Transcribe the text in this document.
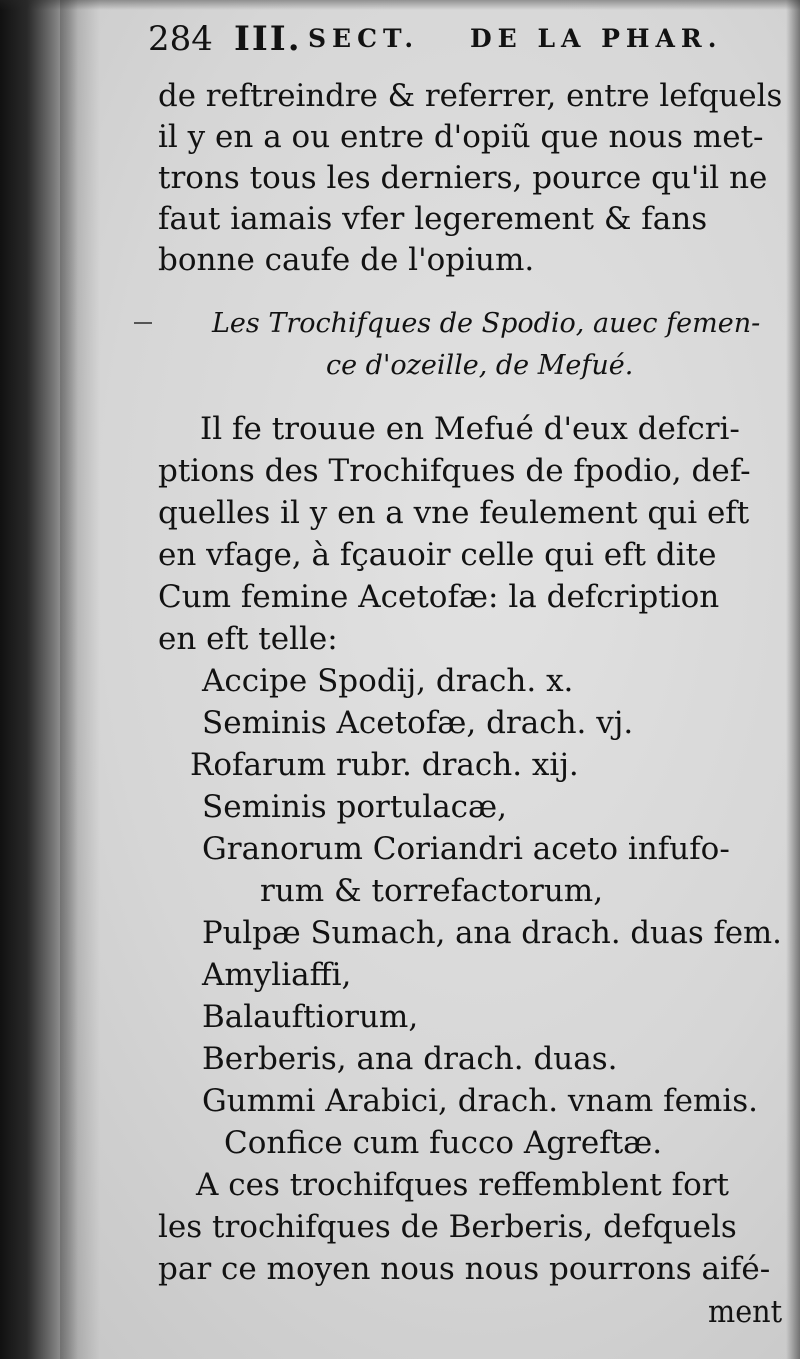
284 III. SECT. DE LA PHAR.
de reftreindre & referrer, entre lefquels
il y en a ou entre d'opiũ que nous met-
trons tous les derniers, pource qu'il ne
faut iamais vfer legerement & fans
bonne caufe de l'opium.
Les Trochifques de Spodio, auec femen-
ce d'ozeille, de Mefué.
Il fe trouue en Mefué d'eux defcri-
ptions des Trochifques de fpodio, def-
quelles il y en a vne feulement qui eft
en vfage, à fçauoir celle qui eft dite
Cum femine Acetofæ: la defcription
en eft telle:
Accipe Spodij, drach. x.
Seminis Acetofæ, drach. vj.
Rofarum rubr. drach. xij.
Seminis portulacæ,
Granorum Coriandri aceto infufo-
rum & torrefactorum,
Pulpæ Sumach, ana drach. duas fem.
Amyliaffi,
Balauftiorum,
Berberis, ana drach. duas.
Gummi Arabici, drach. vnam femis.
Confice cum fucco Agreftæ.
A ces trochifques reffemblent fort
les trochifques de Berberis, defquels
par ce moyen nous nous pourrons aifé-
ment
